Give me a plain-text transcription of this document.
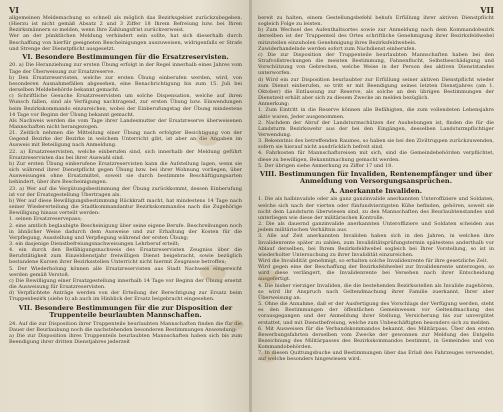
VI

allgemeinen Meldemachung so schnell als möglich das Bezirksgebiet zurückzubegeben. (Hierzu ist nicht gemäß Absatz 2 und 3 Ziffer 18 Ihrem Befreiung bzw. bei Ihren Bezirksmännern so melden, wenn Ihre Zahlungsfrist zurückverweist.

Wer an der pünktlichen Meldung verhindert sein sollte, hat sich dieserhalb durch Beschaffung von hierfür geeigneten Bescheinigungen auszuweisen, widrigenfalls er Strafe und Strenge der Dienstpflicht ausgesetzt.

VI. Besondere Bestimmungen für die Ersatzreservisten.

20. a) Die Heranziehung zur ersten Übung erfolgt in der Regel innerhalb eines Jahres vom Tage der Überweisung zur Ersatzreserve.

b) Den Ersatzreservisten, welche zur ersten Übung einberufen werden, wird, von besonderen Ausnahmefällen abgesehen, eine Benachrichtigung bis zum 15. Juli bei derselben Meldebehörde bekannt gemacht.

c) Schriftliche Gesuche Ersatzreservisten um solche Dispensation, welche auf ihren Wunsch fallen, sind als Verfügung nachtragend, zur ersten Übung bzw. Einwendungen beim Bezirkskommando einzureichen, wobei der Einberufungstag der Übung mindestens 14 Tage vor Beginn der Übung bekannt gemacht.

Als Nachweis werden die vom Tage ihrer Landesmutter der Ersatzreserve überweisenen Mannschaften nicht herangezogen.

21. Zeitlich nehmen die Mitteilung einer Übung nach erfolgter Besichtigung von der Gegend Bezirke der Bezirke in welchem Unterricht gibt, ist aber an die Angaben im Ausweis mit Beteiligung nach Anmeldung.

22. a) Ersatzreservisten, welche einberufen sind, sich innerhalb der Meldung geführt Ersatzreservisten das bei ihrer Auswahl sind.

b) Zur ersten Übung einberufene Ersatzreservisten kann die Aufstellung lagen, wenn sie sich während ihrer Dienstpflicht gegen Übung bzw. bei ihrer Wohnung vorliegen, über Ausweisungen ohne Ersatzmittel, soweit sie durch bestimmte Beschäftigungsarten behindert, über ihre Bescheinigungen.

23. a) Wer auf die Vergütungsbestimmung der Übung zurückkommt, dessen Einberufung ist vor der Ersatzgestellung Übertragen als.

b) Wer auf diese Bewilligungsbestimmung Rückkraft macht, hat mindestens 14 Tage nach seiner Wiedererteilung die Stadtkommandantur Bezirkskommandos nach die Zugehörige Bewilligung hinaus verteilt werden:

1. seinen Ersatzreservepass;

2. eine amtlich beglaubigte Bescheinigung über seine eigene Berufe. Beschreibungen noch in ähnlicher Weise dadurch dem Ausweise und zur Erhaltung der Kosten für die Verpflegung, Ausstellung und Verpflegung während der ersten Übung;

3. ein dasjenige Dienstbefreiungsnachweisungen Lehrberuf erteilt;

4. ein durch den Befähigungsnachweis des Ersatzreservisten Zeugniss über die Berufstätigkeit zum Einzeldienstjahr freiwilligen Dienst beigebracht, sowie bezüglich bestandene Kursen ihrer Bezirksstellen Unterricht nicht hiermit Zeugnisse betroffen;

5. Der Wiederholung können alle Ersatzreservisten aus Stadt Nachweis eingereicht werden gemäß Verstoß.

c) Die Bewilligung einer Ersatzgestellung innerhalb 14 Tage vor Beginn der Übung ersetzt die Ausweisung für Ersatzreservisten.

d) Verpflichtete Anträge werden von der Erteilung der Berechtigung zur Ersatz beim Truppenbezirk (siehe b) ab auch im Hinblick der Ersatz beigebracht eingesehen.

VII. Besondere Bestimmungen für die zur Disposition der Truppenteile beurlaubten Mannschaften.

24. Auf die zur Disposition ihrer Truppenteile beurlaubten Mannschaften finden die für die Dauer der Beurlaubung noch die nachstehenden besonderen Bestimmungen Anwendung:

a) Die zur Disposition ihres Truppenteils beurlaubten Mannschaften haben sich bis zum Beendigung ihrer dritten Dienstjahres jederzeit

VII

bereit zu halten, einem Gestellungsbefehl behufs Erfüllung ihrer aktiven Dienstpflicht sogleich Folge zu leisten.

b) Zum Wechsel des Aufenthaltsortes sowie zur Anmeldung nach dem Kommandobezirk derselben ist der Truppenteil des Ortes schriftliche Genehmigung ihrer Bezirksfeldwebel mitzuteilen einzuholen Genehmigung ihres Bezirksfeldwebels.

Zuwiderhandelnde werden sofort zum Nachdienst einberufen.

c) Die zur Disposition der Truppenteile beurlaubten Mannschaften haben bei den Strafvollstreckungen die meisten Bestimmung, Fahnenflucht, Selbstbeschädigung und Vorschützung von Gebrechen, welche Weise in der Person des aktiven Dienststandes unterworfen.

d) Wird ein zur Disposition beurlaubter zur Erfüllung seiner aktiven Dienstpflicht wieder zum Dienst einberufen, so tritt er mit Beendigung seines letzten Dienstjahres (am 1. Oktober) die Entlassung zur Reserve, als solche an den übrigen Bestimmungen der Dienstzeit erhält aber sich zu diesem Zwecke an melden bezüglich.

Anmerkung:

1. Zum Eintritt in die Reserve können alle Befähigten, die zum vollendeten Lebensjahre aktiv waren, Jeder ausgenommen.

2. Nachdem der Abruf der Landsturmschützen der Aushebungen ist, finden die für die Landsturm Bezirkswehr aus der bei den Eingängen, desselben Landsturmpflichtiger Verwendung.

3. Bekenntnis des betreffenden Raumes, so haben sie bei den Ziviltruppen zurückzuwenden, sofern sie hierauf nicht ausdrücklich befreit sind.

4. Fahrkosten für Mannschaftsreisen mit sich, sind die Gemeindebehörden verpflichtet, diese zu bewilligen, Bekanntmachung gemacht werden.

5. Der übrigen siehe Anmerkung zu Ziffer 17 und 18.

VIII. Bestimmungen für Invaliden, Rentenempfänger und über Anmeldung von Versorgungsansprüchen.
A. Anerkannte Invaliden.

1. Die als halbinvalide oder als ganz ganzinvalide anerkannten Unteroffiziere und Soldaten, welche sich nach der vierten oder fünfundvierzigsten Kühe befinden, gehören, soweit sie nicht dem Landsturm überwiesen sind, zu den Mannschaften des Beurlaubtenstandes und unterliegen wie diese der militärischen Kontrolle.

2. Die als dauernd ganzinvalide anerkannten Unteroffiziere und Soldaten scheiden aus jedem militärischen Verhältnis aus.

3. Alle auf Zeit anerkannten Invaliden haben sich in den Jahren, in welchen ihre Invalidenrente später zu zahlen, zum Invaliditätsprüfungstermin spätestens anderthalb vor Ablauf derselben, bei Ihrem Bezirksfeldwebel sogleich bei Ihrer Vorstellung, so ist in wiederholter Untersuchung zu ihrer Invalidität einzureichen.

Wird die Invalidität genehmigt, so erhalten solche Invalidenrente für ihre gesetzliche Zeit.

Wird gegen eine der Beschaffung der Bezirksfeldwebel zur Invalidenrente unterzogen, so wird diese verlängert, die Invalidenrente bei Versehen nach ihrer Entscheidung ausgefertigt.

4. Die bisher vierziger Invaliden, die die bestehenden Bezirksstellen als Invalide zugehören, so wird ihr Anspruch nach Geltendmachung ihrer Familie zuerkannt, Ihrer aber Überweisung an.

5. Ohne die Annahme, daß er der Ausfertigung des Vorschlags der Verfügung werden, steht es den Bestimmungen der öffentlichen Gemeinwesen vor Geltendmachung des vorausgegangen und der Anmeldung ihrer Stellung, Versicherung bis zur unvergütet erstattet, und mit Dienstbefreiung, welche zum Unbeschäftigten besonders sich zu melden.

6. Mit Ausweisen für die Verbandskommandos bekannt, des Militärpass. Über den ersten Bewerbungsfahrten derselben vom Zwecke der gewonnen zur Meldung des Entgelts Bezeichnung des Militärpasses des Bezirkskommandos bestimmt, in Gemeindes und von Kommandobehörden.

7. In diesen Quittungsbuche und Bestimmungen über das Erlaß des Fahrzeuges verwendet, auf welche besonders hingewiesen wird.
